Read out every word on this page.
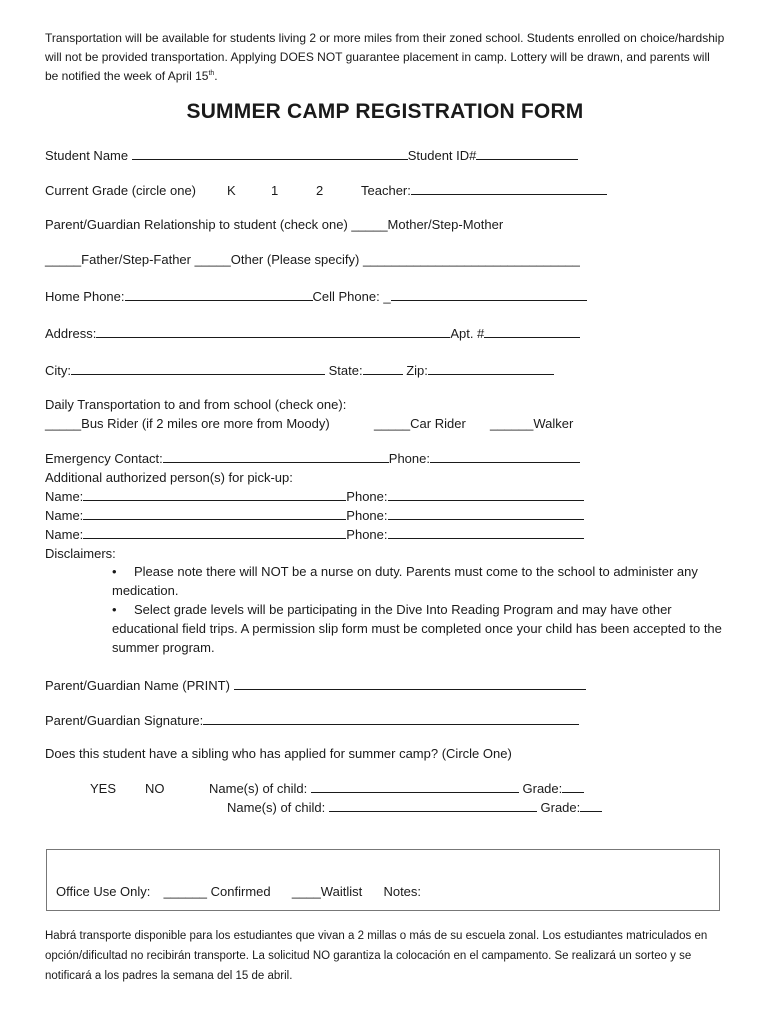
Transportation will be available for students living 2 or more miles from their zoned school. Students enrolled on choice/hardship will not be provided transportation. Applying DOES NOT guarantee placement in camp. Lottery will be drawn, and parents will be notified the week of April 15th.
SUMMER CAMP REGISTRATION FORM
Student Name	Student ID#
Current Grade (circle one) K	1	2	Teacher:
Parent/Guardian Relationship to student (check one) _____Mother/Step-Mother
_____Father/Step-Father _____Other (Please specify) ______________________________
Home Phone:	Cell Phone: _
Address:	Apt. #
City:	State:	Zip:
Daily Transportation to and from school (check one):
_____Bus Rider (if 2 miles ore more from Moody)	_____Car Rider ______Walker
Emergency Contact:	Phone:
Additional authorized person(s) for pick-up:
Name:	Phone:
Name:	Phone:
Name:	Phone:
Disclaimers:
• Please note there will NOT be a nurse on duty. Parents must come to the school to administer any medication.
• Select grade levels will be participating in the Dive Into Reading Program and may have other educational field trips. A permission slip form must be completed once your child has been accepted to the summer program.
Parent/Guardian Name (PRINT)
Parent/Guardian Signature:
Does this student have a sibling who has applied for summer camp? (Circle One)
YES NO	Name(s) of child:	Grade:
Name(s) of child:	Grade:
Office Use Only: ______ Confirmed ____Waitlist Notes:
Habrá transporte disponible para los estudiantes que vivan a 2 millas o más de su escuela zonal. Los estudiantes matriculados en opción/dificultad no recibirán transporte. La solicitud NO garantiza la colocación en el campamento. Se realizará un sorteo y se notificará a los padres la semana del 15 de abril.
